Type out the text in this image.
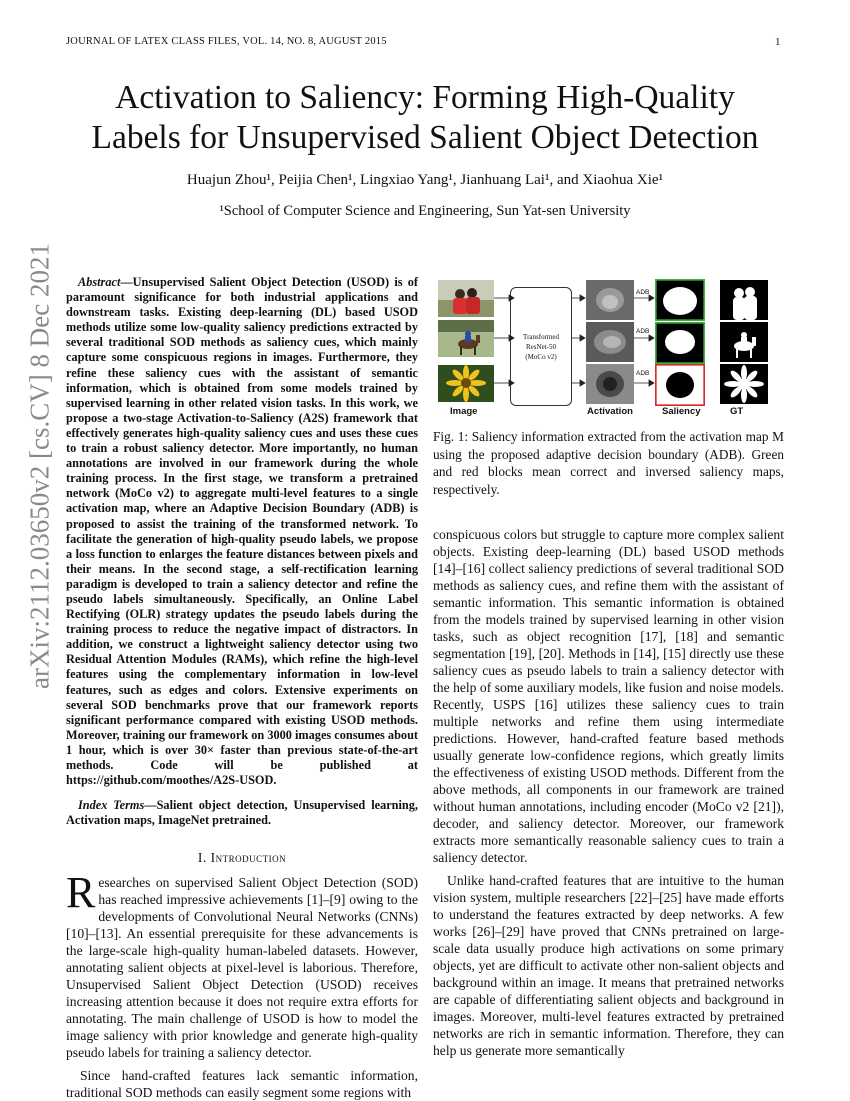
JOURNAL OF LATEX CLASS FILES, VOL. 14, NO. 8, AUGUST 2015	1
arXiv:2112.03650v2 [cs.CV] 8 Dec 2021
Activation to Saliency: Forming High-Quality
Labels for Unsupervised Salient Object Detection
Huajun Zhou¹, Peijia Chen¹, Lingxiao Yang¹, Jianhuang Lai¹, and Xiaohua Xie¹
¹School of Computer Science and Engineering, Sun Yat-sen University

Abstract—Unsupervised Salient Object Detection (USOD) is of paramount significance for both industrial applications and downstream tasks. Existing deep-learning (DL) based USOD methods utilize some low-quality saliency predictions extracted by several traditional SOD methods as saliency cues, which mainly capture some conspicuous regions in images. Furthermore, they refine these saliency cues with the assistant of semantic information, which is obtained from some models trained by supervised learning in other related vision tasks. In this work, we propose a two-stage Activation-to-Saliency (A2S) framework that effectively generates high-quality saliency cues and uses these cues to train a robust saliency detector. More importantly, no human annotations are involved in our framework during the whole training process. In the first stage, we transform a pretrained network (MoCo v2) to aggregate multi-level features to a single activation map, where an Adaptive Decision Boundary (ADB) is proposed to assist the training of the transformed network. To facilitate the generation of high-quality pseudo labels, we propose a loss function to enlarges the feature distances between pixels and their means. In the second stage, a self-rectification learning paradigm is developed to train a saliency detector and refine the pseudo labels simultaneously. Specifically, an Online Label Rectifying (OLR) strategy updates the pseudo labels during the training process to reduce the negative impact of distractors. In addition, we construct a lightweight saliency detector using two Residual Attention Modules (RAMs), which refine the high-level features using the complementary information in low-level features, such as edges and colors. Extensive experiments on several SOD benchmarks prove that our framework reports significant performance compared with existing USOD methods. Moreover, training our framework on 3000 images consumes about 1 hour, which is over 30× faster than previous state-of-the-art methods. Code will be published at https://github.com/moothes/A2S-USOD.

Index Terms—Salient object detection, Unsupervised learning, Activation maps, ImageNet pretrained.

I. Introduction

Researches on supervised Salient Object Detection (SOD) has reached impressive achievements [1]–[9] owing to the developments of Convolutional Neural Networks (CNNs) [10]–[13]. An essential prerequisite for these advancements is the large-scale high-quality human-labeled datasets. However, annotating salient objects at pixel-level is laborious. Therefore, Unsupervised Salient Object Detection (USOD) receives increasing attention because it does not require extra efforts for annotating. The main challenge of USOD is how to model the image saliency with prior knowledge and generate high-quality pseudo labels for training a saliency detector.

Since hand-crafted features lack semantic information, traditional SOD methods can easily segment some regions with

Transformed
ResNet-50
(MoCo v2)
ADB
ADB
ADB
Image	Activation	Saliency	GT
Fig. 1: Saliency information extracted from the activation map M using the proposed adaptive decision boundary (ADB). Green and red blocks mean correct and inversed saliency maps, respectively.

conspicuous colors but struggle to capture more complex salient objects. Existing deep-learning (DL) based USOD methods [14]–[16] collect saliency predictions of several traditional SOD methods as saliency cues, and refine them with the assistant of semantic information. This semantic information is obtained from the models trained by supervised learning in other vision tasks, such as object recognition [17], [18] and semantic segmentation [19], [20]. Methods in [14], [15] directly use these saliency cues as pseudo labels to train a saliency detector with the help of some auxiliary models, like fusion and noise models. Recently, USPS [16] utilizes these saliency cues to train multiple networks and refine them using intermediate predictions. However, hand-crafted feature based methods usually generate low-confidence regions, which greatly limits the effectiveness of existing USOD methods. Different from the above methods, all components in our framework are trained without human annotations, including encoder (MoCo v2 [21]), decoder, and saliency detector. Moreover, our framework extracts more semantically reasonable saliency cues to train a saliency detector.

Unlike hand-crafted features that are intuitive to the human vision system, multiple researchers [22]–[25] have made efforts to understand the features extracted by deep networks. A few works [26]–[29] have proved that CNNs pretrained on large-scale data usually produce high activations on some primary objects, yet are difficult to activate other non-salient objects and background within an image. It means that pretrained networks are capable of differentiating salient objects and background in images. Moreover, multi-level features extracted by pretrained networks are rich in semantic information. Therefore, they can help us generate more semantically
